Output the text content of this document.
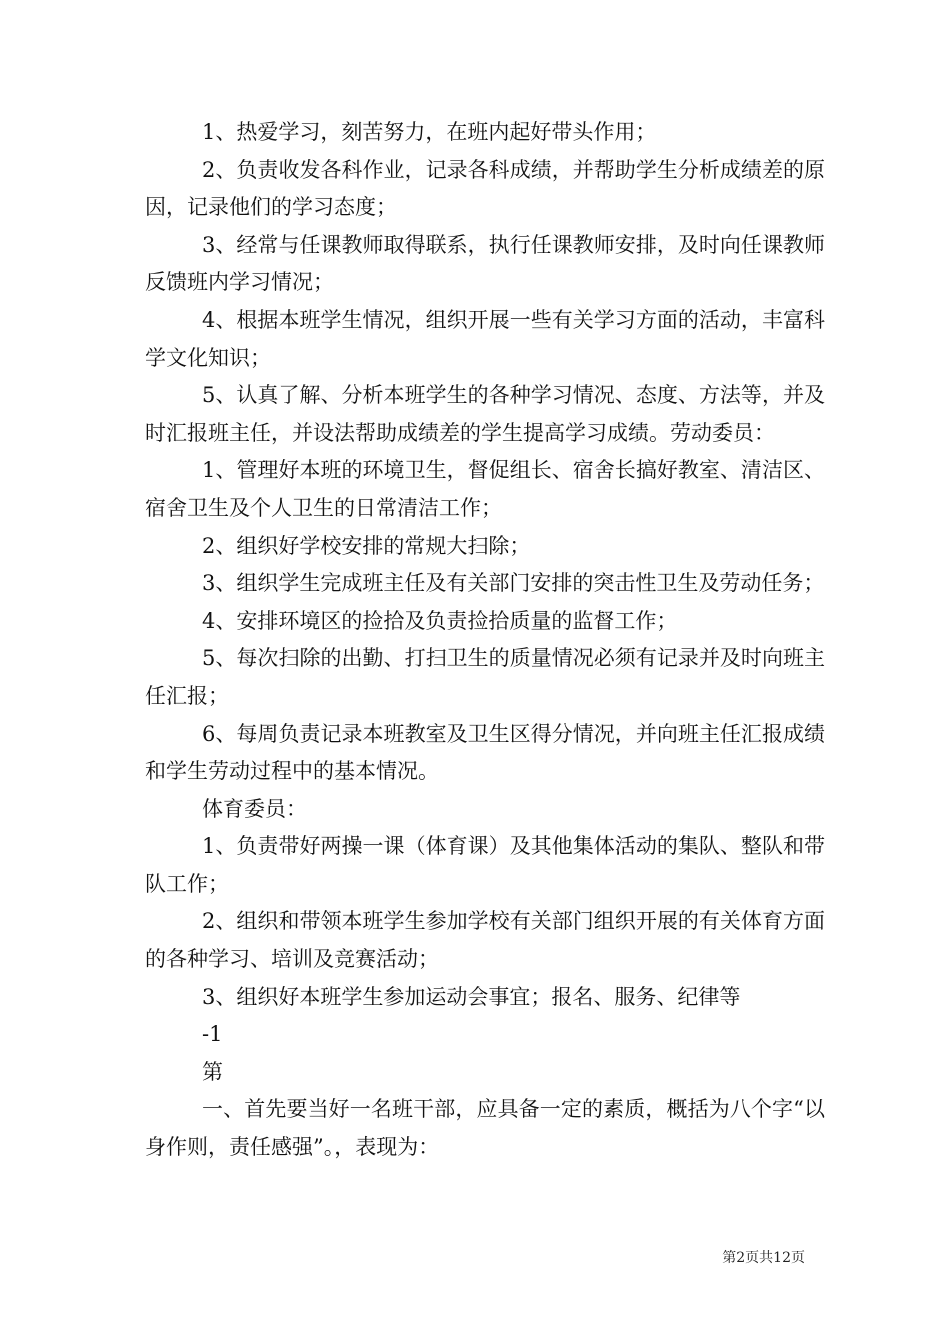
1、热爱学习，刻苦努力，在班内起好带头作用；

2、负责收发各科作业，记录各科成绩，并帮助学生分析成绩差的原因，记录他们的学习态度；

3、经常与任课教师取得联系，执行任课教师安排，及时向任课教师反馈班内学习情况；

4、根据本班学生情况，组织开展一些有关学习方面的活动，丰富科学文化知识；

5、认真了解、分析本班学生的各种学习情况、态度、方法等，并及时汇报班主任，并设法帮助成绩差的学生提高学习成绩。劳动委员：

1、管理好本班的环境卫生，督促组长、宿舍长搞好教室、清洁区、宿舍卫生及个人卫生的日常清洁工作；

2、组织好学校安排的常规大扫除；

3、组织学生完成班主任及有关部门安排的突击性卫生及劳动任务；

4、安排环境区的捡拾及负责捡拾质量的监督工作；

5、每次扫除的出勤、打扫卫生的质量情况必须有记录并及时向班主任汇报；

6、每周负责记录本班教室及卫生区得分情况，并向班主任汇报成绩和学生劳动过程中的基本情况。

体育委员：

1、负责带好两操一课（体育课）及其他集体活动的集队、整队和带队工作；

2、组织和带领本班学生参加学校有关部门组织开展的有关体育方面的各种学习、培训及竞赛活动；

3、组织好本班学生参加运动会事宜；报名、服务、纪律等

-1

第

一、首先要当好一名班干部，应具备一定的素质，概括为八个字“以身作则，责任感强”。，表现为：

第2页共12页
